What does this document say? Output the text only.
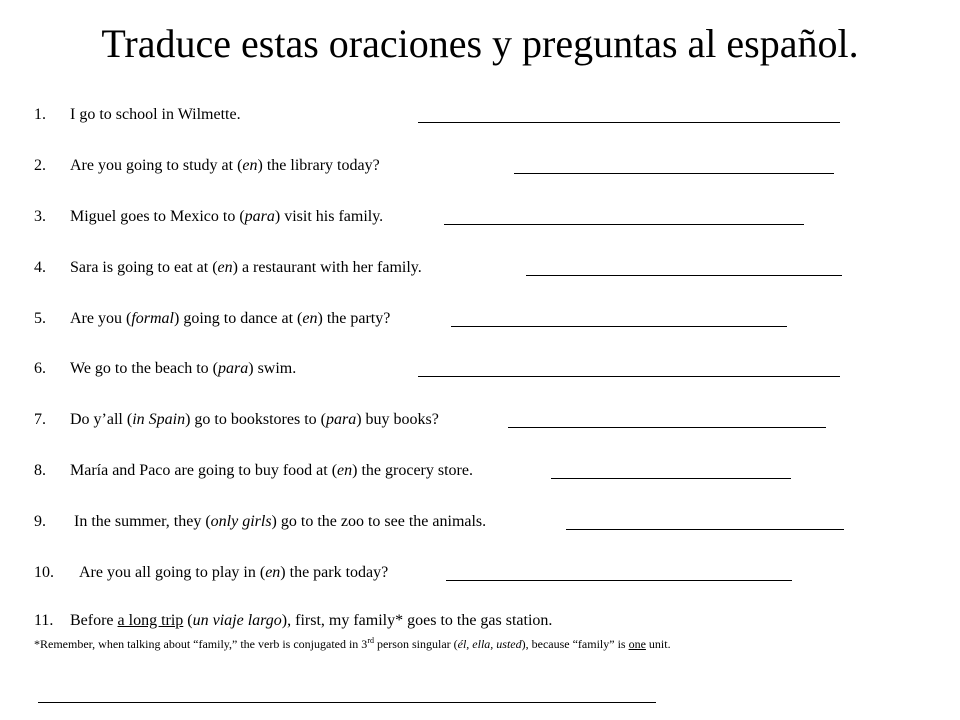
Traduce estas oraciones y preguntas al español.
1. I go to school in Wilmette.
2. Are you going to study at (en) the library today?
3. Miguel goes to Mexico to (para) visit his family.
4. Sara is going to eat at (en) a restaurant with her family.
5. Are you (formal) going to dance at (en) the party?
6. We go to the beach to (para) swim.
7. Do y’all (in Spain) go to bookstores to (para) buy books?
8. María and Paco are going to buy food at (en) the grocery store.
9. In the summer, they (only girls) go to the zoo to see the animals.
10. Are you all going to play in (en) the park today?
11. Before a long trip (un viaje largo), first, my family* goes to the gas station.
*Remember, when talking about “family,” the verb is conjugated in 3rd person singular (él, ella, usted), because “family” is one unit.
